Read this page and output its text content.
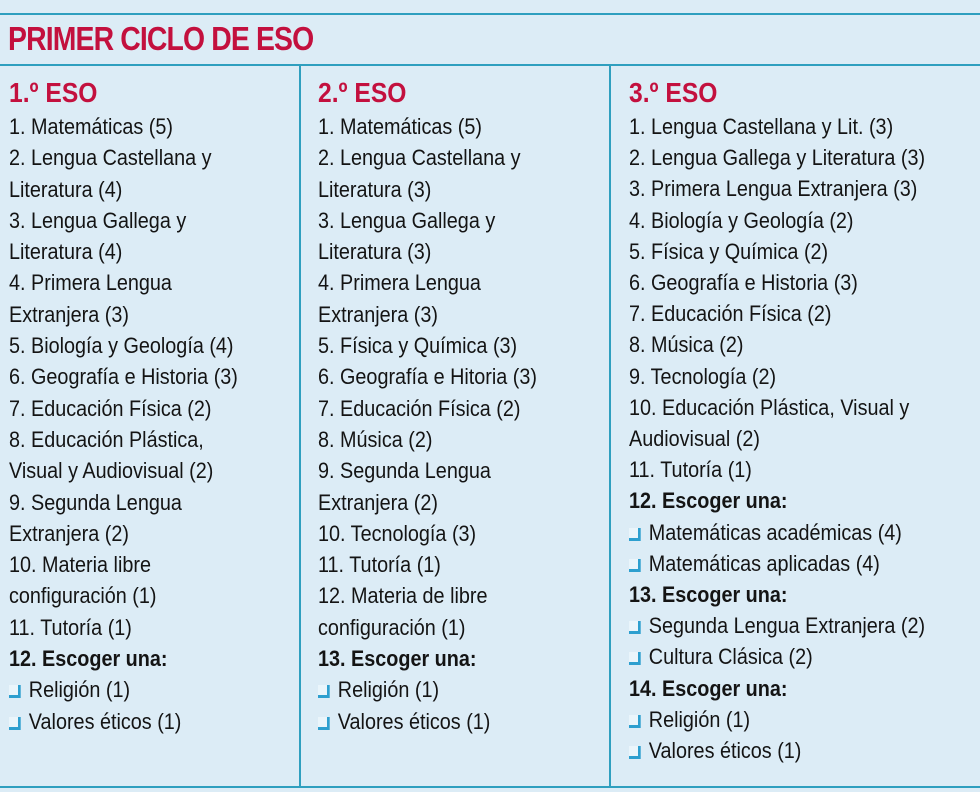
PRIMER CICLO DE ESO
1.º ESO
1. Matemáticas (5)
2. Lengua Castellana y
Literatura (4)
3. Lengua Gallega y
Literatura (4)
4. Primera Lengua
Extranjera (3)
5. Biología y Geología (4)
6. Geografía e Historia (3)
7. Educación Física (2)
8. Educación Plástica,
Visual y Audiovisual (2)
9. Segunda Lengua
Extranjera (2)
10. Materia libre
configuración (1)
11. Tutoría (1)
12. Escoger una:
Religión (1)
Valores éticos (1)
2.º ESO
1. Matemáticas (5)
2. Lengua Castellana y
Literatura (3)
3. Lengua Gallega y
Literatura (3)
4. Primera Lengua
Extranjera (3)
5. Física y Química (3)
6. Geografía e Hitoria (3)
7. Educación Física (2)
8. Música (2)
9. Segunda Lengua
Extranjera (2)
10. Tecnología (3)
11. Tutoría (1)
12. Materia de libre
configuración (1)
13. Escoger una:
Religión (1)
Valores éticos (1)
3.º ESO
1. Lengua Castellana y Lit. (3)
2. Lengua Gallega y Literatura (3)
3. Primera Lengua Extranjera (3)
4. Biología y Geología (2)
5. Física y Química (2)
6. Geografía e Historia (3)
7. Educación Física (2)
8. Música (2)
9. Tecnología (2)
10. Educación Plástica, Visual y
Audiovisual (2)
11. Tutoría (1)
12. Escoger una:
Matemáticas académicas (4)
Matemáticas aplicadas (4)
13. Escoger una:
Segunda Lengua Extranjera (2)
Cultura Clásica (2)
14. Escoger una:
Religión (1)
Valores éticos (1)
